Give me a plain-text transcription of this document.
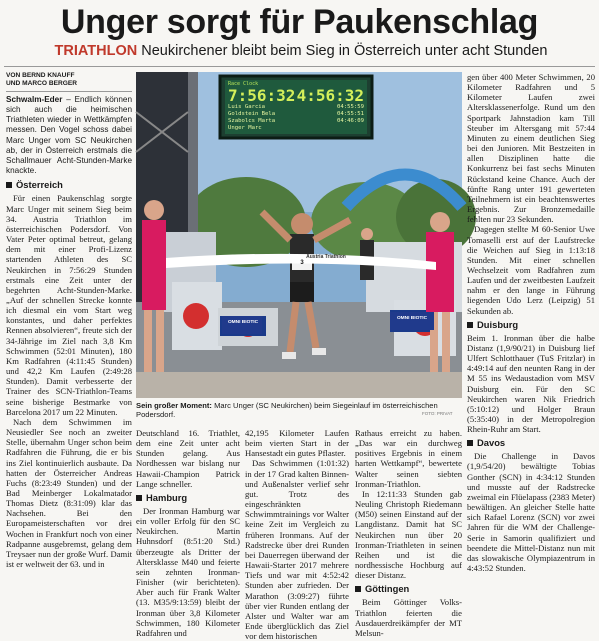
Unger sorgt für Paukenschlag
TRIATHLON Neukirchener bleibt beim Sieg in Österreich unter acht Stunden
VON BERND KNAUFF
UND MARCO BERGER
Schwalm-Eder – Endlich können sich auch die heimischen Triathleten wieder in Wettkämpfen messen. Den Vogel schoss dabei Marc Unger vom SC Neukirchen ab, der in Österreich erstmals die Schallmauer Acht-Stunden-Marke knackte.
Österreich

Für einen Paukenschlag sorgte Marc Unger mit seinem Sieg beim 34. Austria Triathlon im österreichischen Podersdorf. Von Vater Peter optimal betreut, gelang dem mit einer Profi-Lizenz startenden Athleten des SC Neukirchen in 7:56:29 Stunden erstmals eine Zeit unter der begehrten Acht-Stunden-Marke. „Auf der schnellen Strecke konnte ich diesmal ein vom Start weg konstantes, und daher perfektes Rennen absolvieren“, freute sich der 34-Jährige im Ziel nach 3,8 Km Schwimmen (52:01 Minuten), 180 Km Radfahren (4:11:45 Stunden) und 42,2 Km Laufen (2:49:28 Stunden). Damit verbesserte der Trainer des SCN-Triathlon-Teams seine bisherige Bestmarke von Barcelona 2017 um 22 Minuten.

Nach dem Schwimmen im Neusiedler See noch an zweiter Stelle, übernahm Unger schon beim Radfahren die Führung, die er bis ins Ziel kontinuierlich ausbaute. Da hatten der Österreicher Andreas Fuchs (8:23:49 Stunden) und der Bad Meinberger Lokalmatador Thomas Dietz (8:31:09) klar das Nachsehen. Bei den Europameisterschaften vor drei Wochen in Frankfurt noch von einer Radpanne ausgebremst, gelang dem Treysaer nun der große Wurf. Damit ist er weltweit der 63. und in

Race Clock
7:56:32 4:56:32
Luis Garcia	04:55:59
Goldstein Bela	04:55:51
Szabolcs Marta	04:46:09
Unger Marc
Austria Triathlon
3
OMNI BIOTIC
OMNI BIOTIC
Sein großer Moment: Marc Unger (SC Neukirchen) beim Siegeinlauf im österreichischen Podersdorf.	FOTO: PRIVAT

Deutschland 16. Triathlet, dem eine Zeit unter acht Stunden gelang. Aus Nordhessen war bislang nur Hawaii-Champion Patrick Lange schneller.

Hamburg

Der Ironman Hamburg war ein voller Erfolg für den SC Neukirchen. Martin Huhnsdorf (8:51:20 Std.) überzeugte als Dritter der Altersklasse M40 und feierte sein zehnten Ironman-Finisher (wir berichteten). Aber auch für Frank Walter (13. M35/9:13:59) bleibt der Ironman über 3,8 Kilometer Schwimmen, 180 Kilometer Radfahren und

42,195 Kilometer Laufen beim vierten Start in der Hansestadt ein gutes Pflaster.

Das Schwimmen (1:01:32) in der 17 Grad kalten Binnen- und Außenalster verlief sehr gut. Trotz des eingeschränkten Schwimmtrainings vor Walter keine Zeit im Vergleich zu früheren Ironmans. Auf der Radstrecke über drei Runden bei Dauerregen überwand der Hawaii-Starter 2017 mehrere Tiefs und war mit 4:52:42 Stunden aber zufrieden. Der Marathon (3:09:27) führte über vier Runden entlang der Alster und Walter war am Ende überglücklich das Ziel vor dem historischen

Rathaus erreicht zu haben. „Das war ein durchweg positives Ergebnis in einem harten Wettkampf“, bewertete Walter seinen siebten Ironman-Triathlon.

In 12:11:33 Stunden gab Neuling Christoph Riedemann (M50) seinen Einstand auf der Langdistanz. Damit hat SC Neukirchen nun über 20 Ironman-Triathleten in seinen Reihen und ist die nordhessische Hochburg auf dieser Distanz.

Göttingen

Beim Göttinger Volks-Triathlon feierten die Ausdauerdreikämpfer der MT Melsun-

gen über 400 Meter Schwimmen, 20 Kilometer Radfahren und 5 Kilometer Laufen zwei Altersklassenerfolge. Rund um den Sportpark Jahnstadion kam Till Steuber im Altersgang mit 57:44 Minuten zu einem deutlichen Sieg bei den Junioren. Mit Bestzeiten in allen Disziplinen hatte die Konkurrenz bei fast sechs Minuten Rückstand keine Chance. Auch der fünfte Rang unter 191 gewerteten Teilnehmern ist ein beachtenswertes Ergebnis. Zur Bronzemedaille fehlten nur 23 Sekunden.

Dagegen stellte M 60-Senior Uwe Tomaselli erst auf der Laufstrecke die Weichen auf Sieg in 1:13:18 Stunden. Mit einer schnellen Wechselzeit vom Radfahren zum Laufen und der zweitbesten Laufzeit nahm er den lange in Führung liegenden Udo Lerz (Leipzig) 51 Sekunden ab.

Duisburg

Beim 1. Ironman über die halbe Distanz (1,9/90/21) in Duisburg lief Ulfert Schlotthauer (TuS Fritzlar) in 4:49:14 auf den neunten Rang in der M 55 ins Wedaustadion vom MSV Duisburg ein. Für den SC Neukirchen waren Nik Friedrich (5:10:12) und Holger Braun (5:35:40) in der Metropolregion Rhein-Ruhr am Start.

Davos

Die Challenge in Davos (1,9/54/20) bewältigte Tobias Gonther (SCN) in 4:34:12 Stunden und musste auf der Radstrecke zweimal ein Flüelapass (2383 Meter) bewältigen. An gleicher Stelle hatte sich Rafael Lorenz (SCN) vor zwei Jahren für die WM der Challenge-Serie in Samorin qualifiziert und beendete die Mittel-Distanz nun mit das slowakische Olympiazentrum in 4:43:52 Stunden.
